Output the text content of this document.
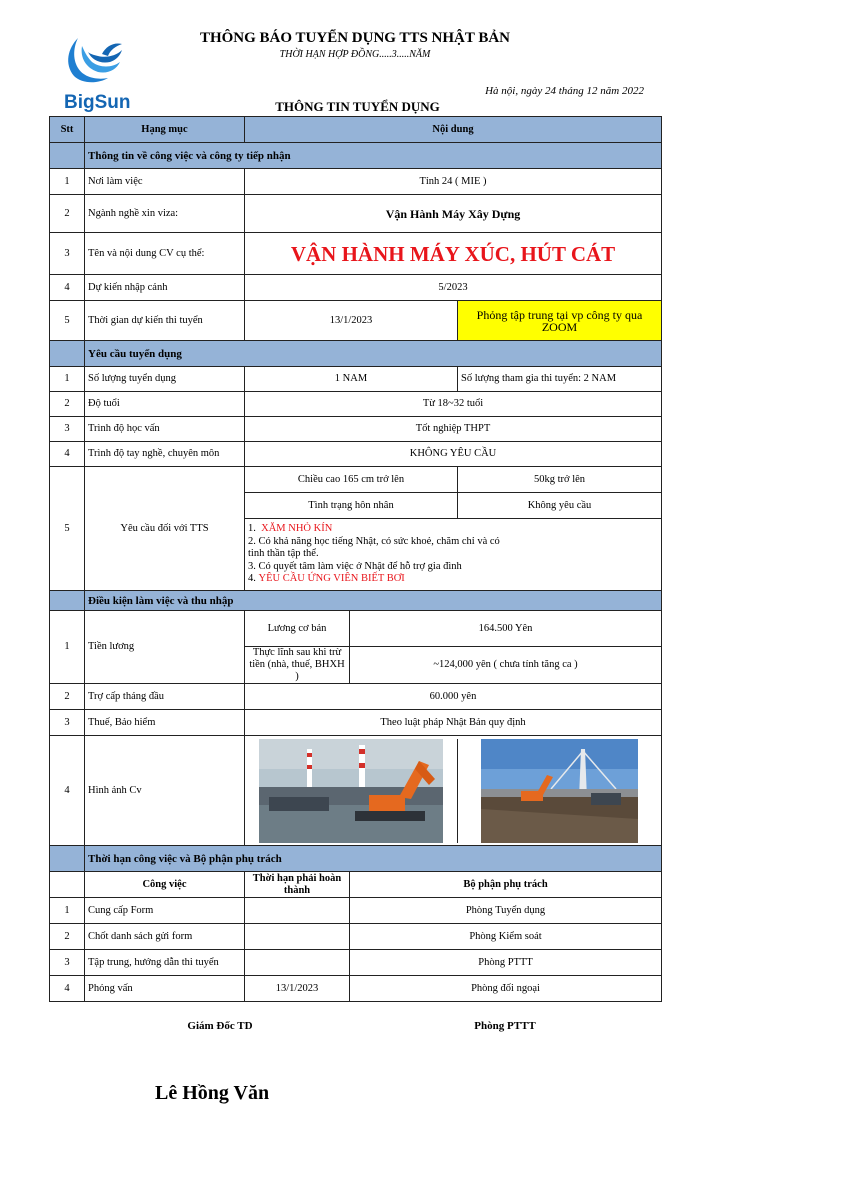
BigSun
THÔNG BÁO TUYỂN DỤNG TTS NHẬT BẢN
THỜI HẠN HỢP ĐỒNG.....3.....NĂM
Hà nội, ngày 24 tháng 12 năm 2022
THÔNG TIN TUYỂN DỤNG
Stt	Hạng mục	Nội dung
	Thông tin về công việc và công ty tiếp nhận
1	Nơi làm việc	Tỉnh 24 ( MIE )
2	Ngành nghề xin viza:	Vận Hành Máy Xây Dựng
3	Tên và nội dung CV cụ thể:	VẬN HÀNH MÁY XÚC, HÚT CÁT
4	Dự kiến nhập cảnh	5/2023
5	Thời gian dự kiến thi tuyển	13/1/2023	Phỏng tập trung tại vp công ty qua ZOOM
	Yêu cầu tuyển dụng
1	Số lượng tuyển dụng	1 NAM	Số lượng tham gia thi tuyển: 2 NAM
2	Độ tuổi	Từ 18~32 tuổi
3	Trình độ học vấn	Tốt nghiệp THPT
4	Trình độ tay nghề, chuyên môn	KHÔNG YÊU CẦU
5	Yêu cầu đối với TTS	Chiều cao 165 cm trở lên	50kg trở lên
Tình trạng hôn nhân	Không yêu cầu

1. XĂM NHỎ KÍN

2. Có khả năng học tiếng Nhật, có sức khoẻ, chăm chỉ và có

tinh thần tập thể.

3. Có quyết tâm làm việc ở Nhật để hỗ trợ gia đình

4. YÊU CẦU ỨNG VIÊN BIẾT BƠI

	Điều kiện làm việc và thu nhập
1	Tiền lương	Lương cơ bản	164.500 Yên
Thực lĩnh sau khi trừ tiền (nhà, thuế, BHXH )	~124,000 yên ( chưa tính tăng ca )
2	Trợ cấp tháng đầu	60.000 yên
3	Thuế, Bảo hiểm	Theo luật pháp Nhật Bản quy định
4	Hình ảnh Cv	

	Thời hạn công việc và Bộ phận phụ trách
	Công việc	Thời hạn phải hoàn thành	Bộ phận phụ trách
1	Cung cấp Form		Phòng Tuyển dụng
2	Chốt danh sách gửi form		Phòng Kiểm soát
3	Tập trung, hướng dẫn thi tuyển		Phòng PTTT
4	Phỏng vấn	13/1/2023	Phòng đối ngoại
Giám Đốc TD	Phòng PTTT
Lê Hồng Văn
